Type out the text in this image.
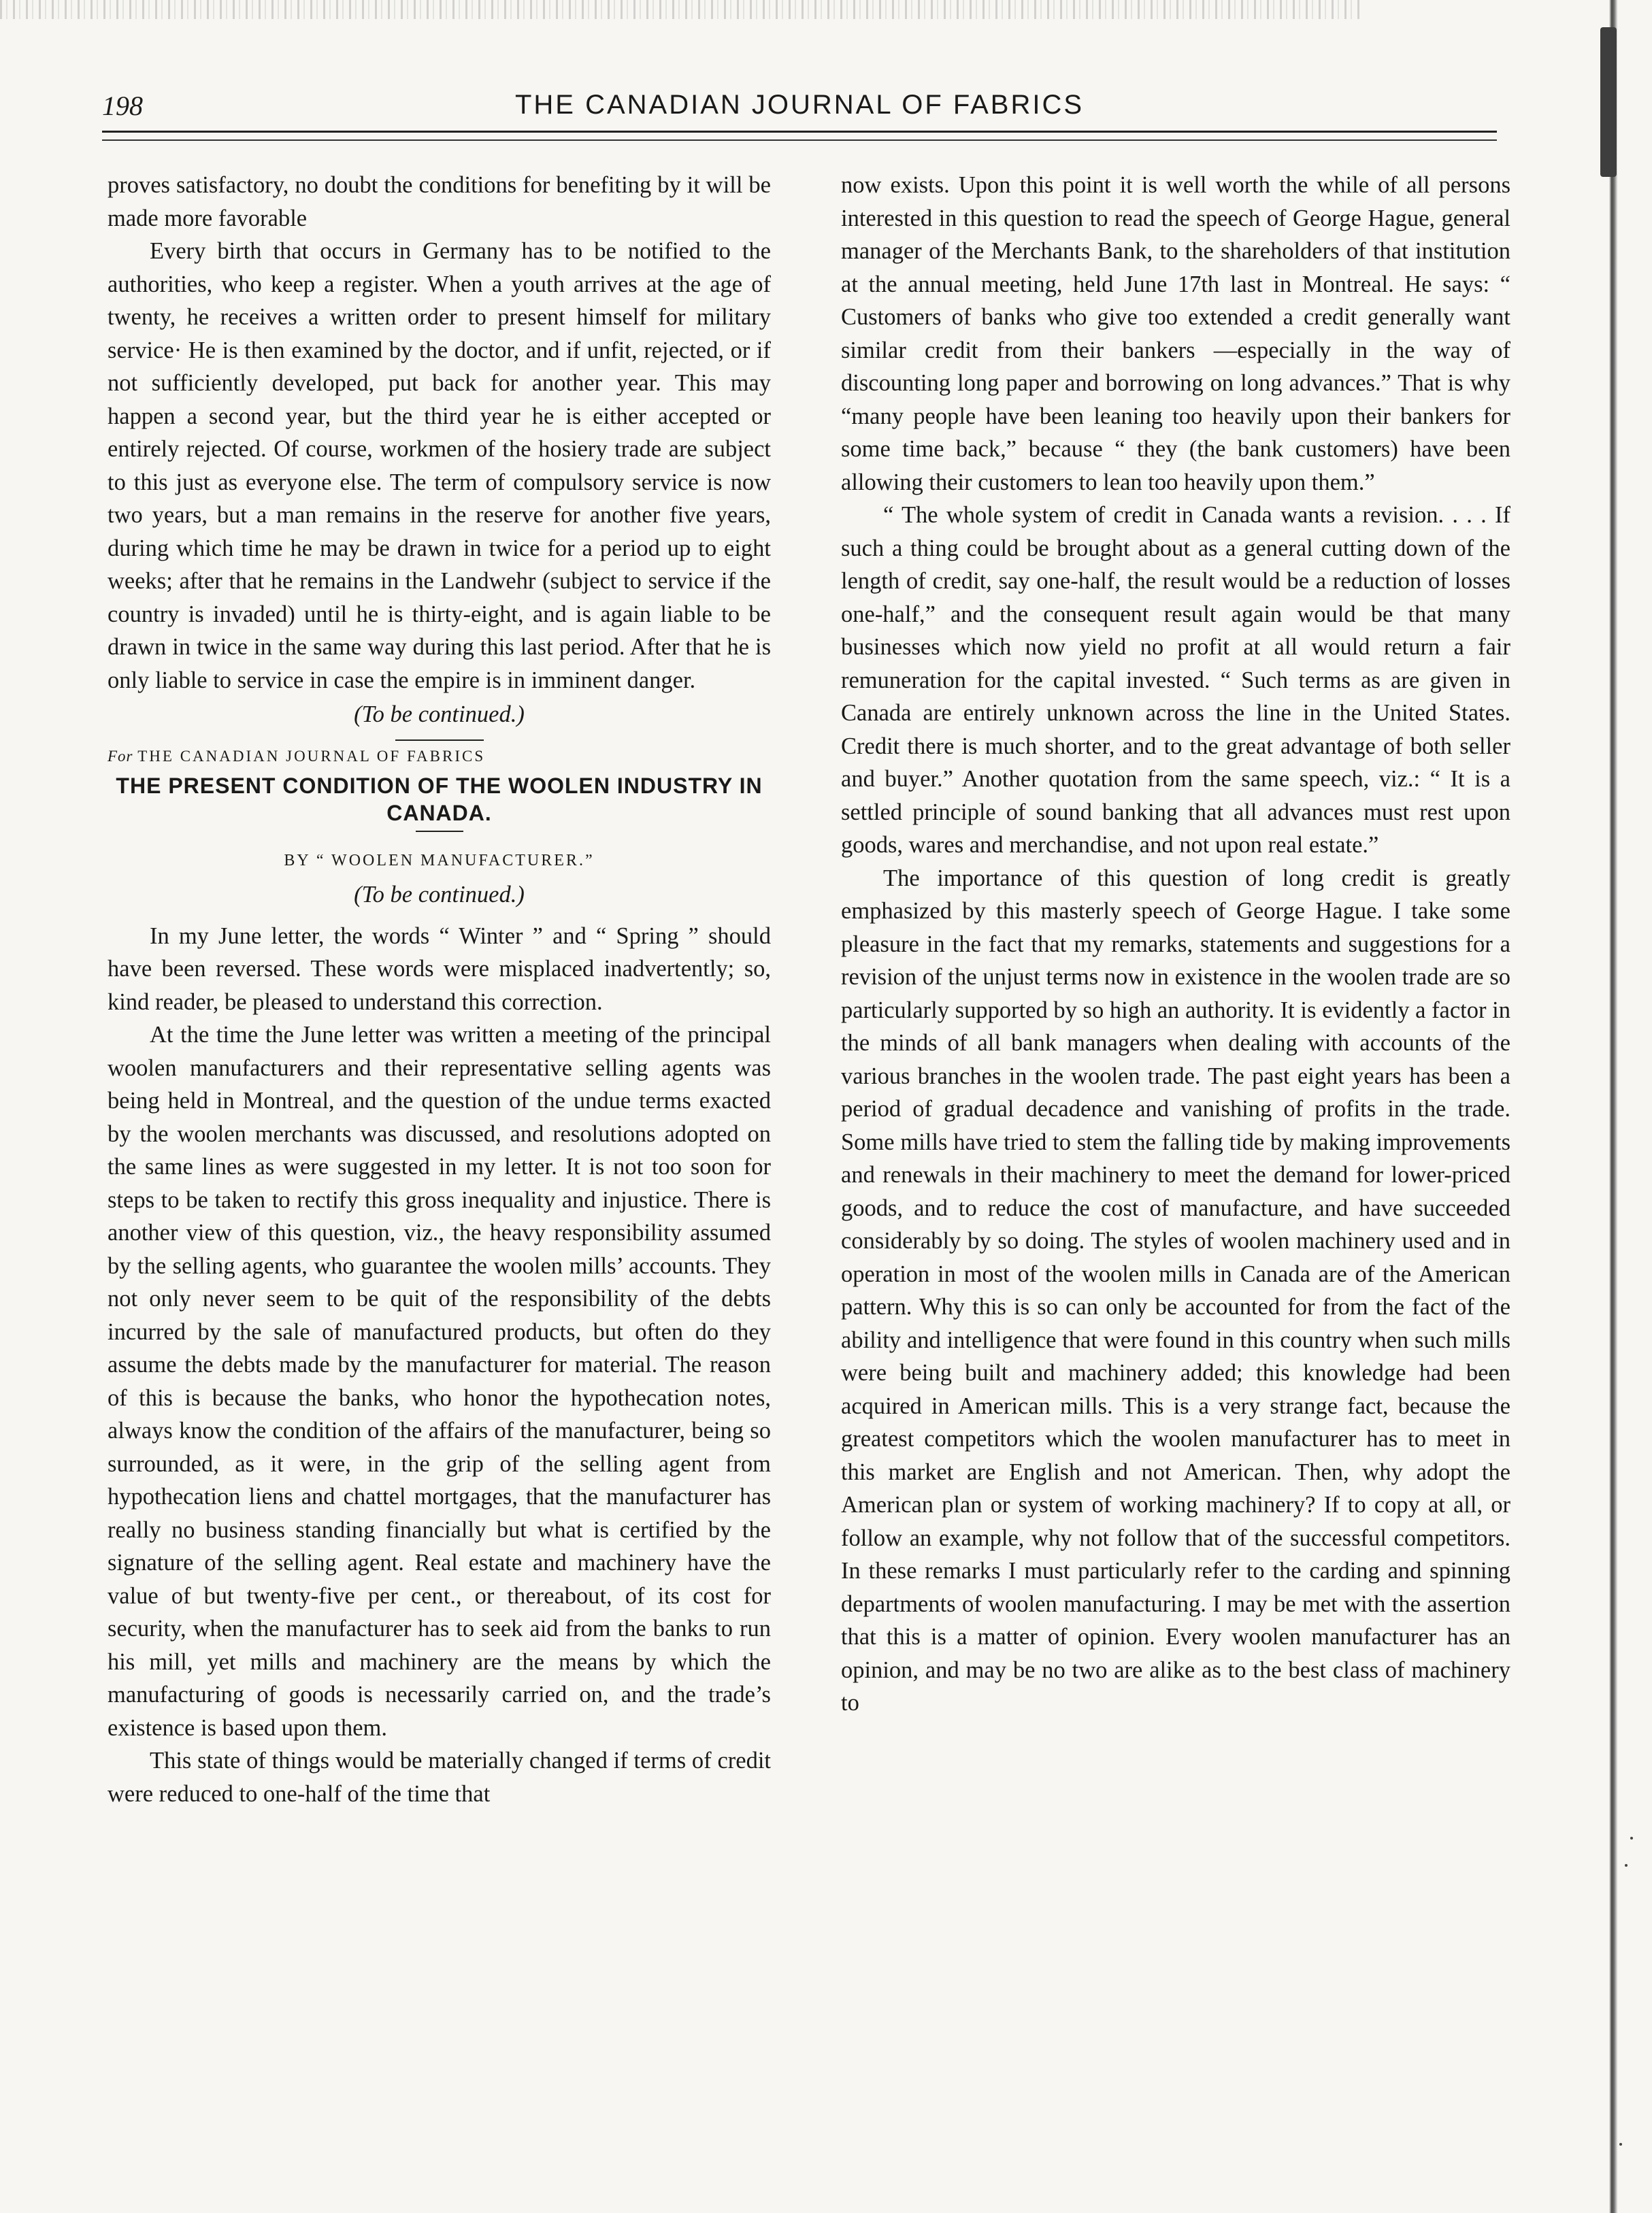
198	THE CANADIAN JOURNAL OF FABRICS

proves satisfactory, no doubt the conditions for benefiting by it will be made more favorable

Every birth that occurs in Germany has to be notified to the authorities, who keep a register. When a youth arrives at the age of twenty, he receives a written order to present himself for military service· He is then examined by the doctor, and if unfit, rejected, or if not sufficiently developed, put back for another year. This may happen a second year, but the third year he is either accepted or entirely rejected. Of course, workmen of the hosiery trade are subject to this just as everyone else. The term of compulsory service is now two years, but a man remains in the reserve for another five years, during which time he may be drawn in twice for a period up to eight weeks; after that he remains in the Landwehr (subject to service if the country is invaded) until he is thirty-eight, and is again liable to be drawn in twice in the same way during this last period. After that he is only liable to service in case the empire is in imminent danger.

(To be continued.)
For THE CANADIAN JOURNAL OF FABRICS
THE PRESENT CONDITION OF THE WOOLEN INDUSTRY IN CANADA.
BY “ WOOLEN MANUFACTURER.”
(To be continued.)

In my June letter, the words “ Winter ” and “ Spring ” should have been reversed. These words were misplaced inadvertently; so, kind reader, be pleased to understand this correction.

At the time the June letter was written a meeting of the principal woolen manufacturers and their representative selling agents was being held in Montreal, and the question of the undue terms exacted by the woolen merchants was discussed, and resolutions adopted on the same lines as were suggested in my letter. It is not too soon for steps to be taken to rectify this gross inequality and injustice. There is another view of this question, viz., the heavy responsibility assumed by the selling agents, who guarantee the woolen mills’ accounts. They not only never seem to be quit of the responsibility of the debts incurred by the sale of manufactured products, but often do they assume the debts made by the manufacturer for material. The reason of this is because the banks, who honor the hypothecation notes, always know the condition of the affairs of the manufacturer, being so surrounded, as it were, in the grip of the selling agent from hypothecation liens and chattel mortgages, that the manufacturer has really no business standing financially but what is certified by the signature of the selling agent. Real estate and machinery have the value of but twenty-five per cent., or thereabout, of its cost for security, when the manufacturer has to seek aid from the banks to run his mill, yet mills and machinery are the means by which the manufacturing of goods is necessarily carried on, and the trade’s existence is based upon them.

This state of things would be materially changed if terms of credit were reduced to one-half of the time that

now exists. Upon this point it is well worth the while of all persons interested in this question to read the speech of George Hague, general manager of the Merchants Bank, to the shareholders of that institution at the annual meeting, held June 17th last in Montreal. He says: “ Customers of banks who give too extended a credit generally want similar credit from their bankers —especially in the way of discounting long paper and borrowing on long advances.” That is why “many people have been leaning too heavily upon their bankers for some time back,” because “ they (the bank customers) have been allowing their customers to lean too heavily upon them.”

“ The whole system of credit in Canada wants a revision. . . . If such a thing could be brought about as a general cutting down of the length of credit, say one-half, the result would be a reduction of losses one-half,” and the consequent result again would be that many businesses which now yield no profit at all would return a fair remuneration for the capital invested. “ Such terms as are given in Canada are entirely unknown across the line in the United States. Credit there is much shorter, and to the great advantage of both seller and buyer.” Another quotation from the same speech, viz.: “ It is a settled principle of sound banking that all advances must rest upon goods, wares and merchandise, and not upon real estate.”

The importance of this question of long credit is greatly emphasized by this masterly speech of George Hague. I take some pleasure in the fact that my remarks, statements and suggestions for a revision of the unjust terms now in existence in the woolen trade are so particularly supported by so high an authority. It is evidently a factor in the minds of all bank managers when dealing with accounts of the various branches in the woolen trade. The past eight years has been a period of gradual decadence and vanishing of profits in the trade. Some mills have tried to stem the falling tide by making improvements and renewals in their machinery to meet the demand for lower-priced goods, and to reduce the cost of manufacture, and have succeeded considerably by so doing. The styles of woolen machinery used and in operation in most of the woolen mills in Canada are of the American pattern. Why this is so can only be accounted for from the fact of the ability and intelligence that were found in this country when such mills were being built and machinery added; this knowledge had been acquired in American mills. This is a very strange fact, because the greatest competitors which the woolen manufacturer has to meet in this market are English and not American. Then, why adopt the American plan or system of working machinery? If to copy at all, or follow an example, why not follow that of the successful competitors. In these remarks I must particularly refer to the carding and spinning departments of woolen manufacturing. I may be met with the assertion that this is a matter of opinion. Every woolen manufacturer has an opinion, and may be no two are alike as to the best class of machinery to
